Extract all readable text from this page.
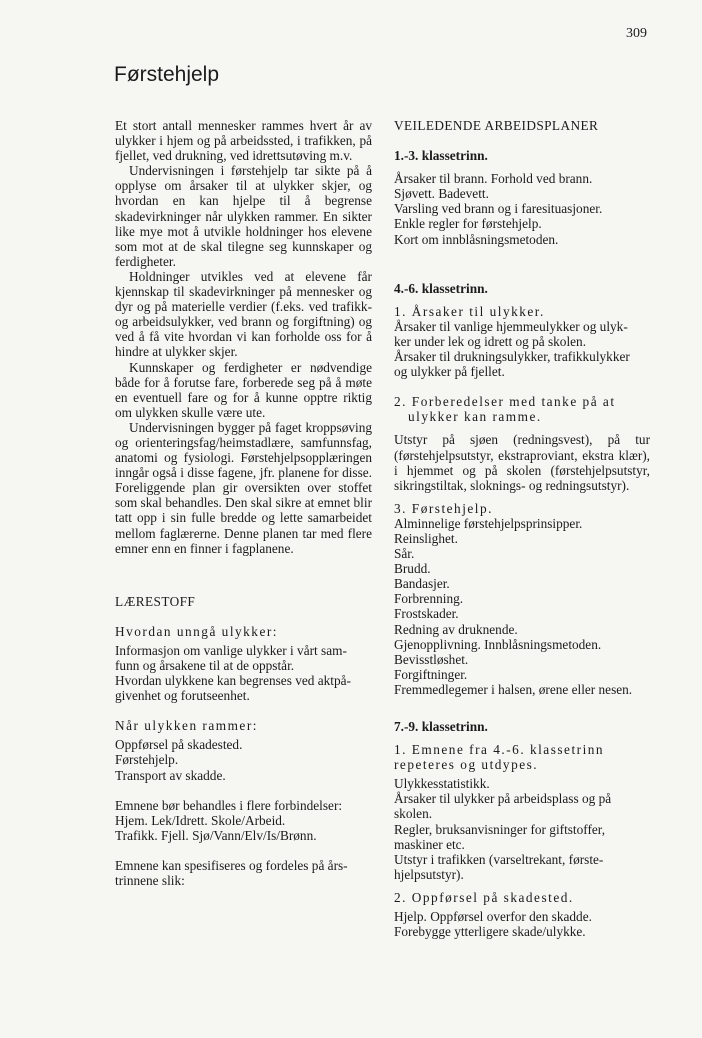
309
Førstehjelp

Et stort antall mennesker rammes hvert år av ulykker i hjem og på arbeidssted, i trafikken, på fjellet, ved drukning, ved idrettsutøving m.v.

Undervisningen i førstehjelp tar sikte på å opplyse om årsaker til at ulykker skjer, og hvordan en kan hjelpe til å begrense skadevirkninger når ulykken rammer. En sikter like mye mot å utvikle holdninger hos elevene som mot at de skal tilegne seg kunnskaper og ferdigheter.

Holdninger utvikles ved at elevene får kjennskap til skadevirkninger på mennesker og dyr og på materielle verdier (f.eks. ved trafikk- og arbeidsulykker, ved brann og forgiftning) og ved å få vite hvordan vi kan forholde oss for å hindre at ulykker skjer.

Kunnskaper og ferdigheter er nødvendige både for å forutse fare, forberede seg på å møte en eventuell fare og for å kunne opptre riktig om ulykken skulle være ute.

Undervisningen bygger på faget kroppsøving og orienteringsfag/heimstadlære, samfunnsfag, anatomi og fysiologi. Førstehjelpsopplæringen inngår også i disse fagene, jfr. planene for disse. Foreliggende plan gir oversikten over stoffet som skal behandles. Den skal sikre at emnet blir tatt opp i sin fulle bredde og lette samarbeidet mellom faglærerne. Denne planen tar med flere emner enn en finner i fagplanene.

LÆRESTOFF
Hvordan unngå ulykker:
Informasjon om vanlige ulykker i vårt sam-
funn og årsakene til at de oppstår.
Hvordan ulykkene kan begrenses ved aktpå-
givenhet og forutseenhet.
Når ulykken rammer:
Oppførsel på skadested.
Førstehjelp.
Transport av skadde.
Emnene bør behandles i flere forbindelser:
Hjem. Lek/Idrett. Skole/Arbeid.
Trafikk. Fjell. Sjø/Vann/Elv/Is/Brønn.
Emnene kan spesifiseres og fordeles på års-
trinnene slik:
VEILEDENDE ARBEIDSPLANER
1.-3. klassetrinn.
Årsaker til brann. Forhold ved brann.
Sjøvett. Badevett.
Varsling ved brann og i faresituasjoner.
Enkle regler for førstehjelp.
Kort om innblåsningsmetoden.
4.-6. klassetrinn.
1. Årsaker til ulykker.
Årsaker til vanlige hjemmeulykker og ulyk-
ker under lek og idrett og på skolen.
Årsaker til drukningsulykker, trafikkulykker
og ulykker på fjellet.
2. Forberedelser med tanke på at
ulykker kan ramme.

Utstyr på sjøen (redningsvest), på tur (førstehjelpsutstyr, ekstraproviant, ekstra klær), i hjemmet og på skolen (førstehjelpsutstyr, sikringstiltak, sloknings- og redningsutstyr).

3. Førstehjelp.
Alminnelige førstehjelpsprinsipper.
Reinslighet.
Sår.
Brudd.
Bandasjer.
Forbrenning.
Frostskader.
Redning av druknende.
Gjenopplivning. Innblåsningsmetoden.
Bevisstløshet.
Forgiftninger.
Fremmedlegemer i halsen, ørene eller nesen.
7.-9. klassetrinn.
1. Emnene fra 4.-6. klassetrinn
repeteres og utdypes.
Ulykkesstatistikk.
Årsaker til ulykker på arbeidsplass og på
skolen.
Regler, bruksanvisninger for giftstoffer,
maskiner etc.
Utstyr i trafikken (varseltrekant, første-
hjelpsutstyr).
2. Oppførsel på skadested.
Hjelp. Oppførsel overfor den skadde.
Forebygge ytterligere skade/ulykke.
